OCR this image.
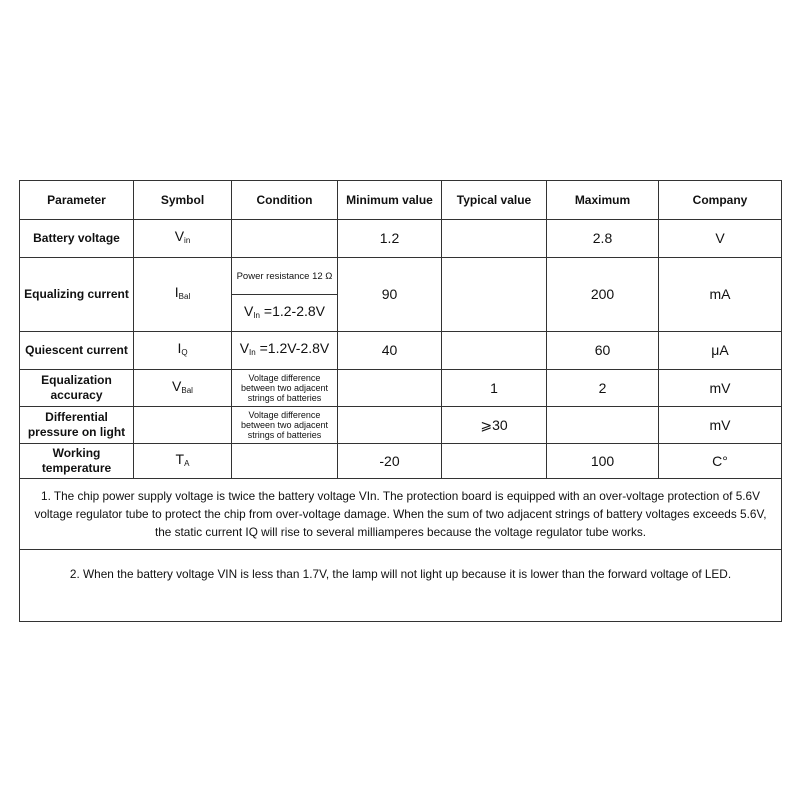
Parameter	Symbol	Condition	Minimum value	Typical value	Maximum	Company
Battery voltage	$V_{in}$		1.2		2.8	V
Equalizing current	$I_{Bal}$	Power resistance 12 Ω	90		200	mA
		$V_{In} =1.2-2.8V$				
Quiescent current	$I_Q$	$V_{In} =1.2V-2.8V$	40		60	μA
Equalization accuracy	$V_{Bal}$	Voltage difference between two adjacent strings of batteries		1	2	mV
Differential pressure on light		Voltage difference between two adjacent strings of batteries		⩾30		mV
Working temperature	$T_A$		-20		100	C°
1. The chip power supply voltage is twice the battery voltage VIn. The protection board is equipped with an over-voltage protection of 5.6V voltage regulator tube to protect the chip from over-voltage damage. When the sum of two adjacent strings of battery voltages exceeds 5.6V, the static current IQ will rise to several milliamperes because the voltage regulator tube works.						

2. When the battery voltage VIN is less than 1.7V, the lamp will not light up because it is lower than the forward voltage of LED.						
